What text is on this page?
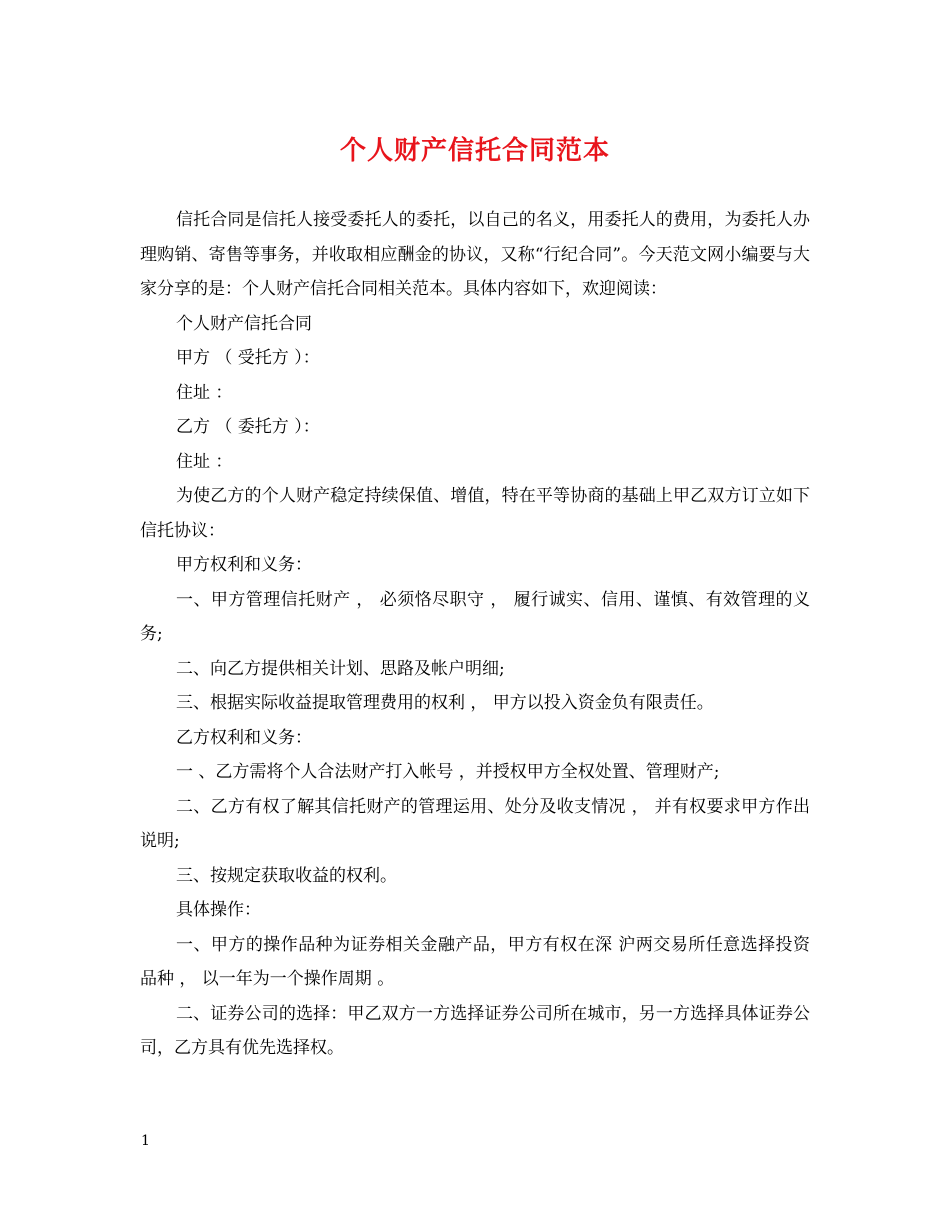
个人财产信托合同范本

信托合同是信托人接受委托人的委托，以自己的名义，用委托人的费用，为委托人办理购销、寄售等事务，并收取相应酬金的协议，又称“行纪合同”。今天范文网小编要与大家分享的是：个人财产信托合同相关范本。具体内容如下，欢迎阅读：

个人财产信托合同

甲方 （ 受托方 ）：

住址 ：

乙方 （ 委托方 ）：

住址 ：

为使乙方的个人财产稳定持续保值、增值，特在平等协商的基础上甲乙双方订立如下信托协议：

甲方权利和义务：

一、甲方管理信托财产 ， 必须恪尽职守 ， 履行诚实、信用、谨慎、有效管理的义务;

二、向乙方提供相关计划、思路及帐户明细;

三、根据实际收益提取管理费用的权利 ， 甲方以投入资金负有限责任。

乙方权利和义务：

一 、乙方需将个人合法财产打入帐号 ，并授权甲方全权处置、管理财产;

二、乙方有权了解其信托财产的管理运用、处分及收支情况 ， 并有权要求甲方作出 说明;

三、按规定获取收益的权利。

具体操作：

一、甲方的操作品种为证券相关金融产品，甲方有权在深 沪两交易所任意选择投资品种 ， 以一年为一个操作周期 。

二、证券公司的选择：甲乙双方一方选择证券公司所在城市，另一方选择具体证券公司，乙方具有优先选择权。

1
